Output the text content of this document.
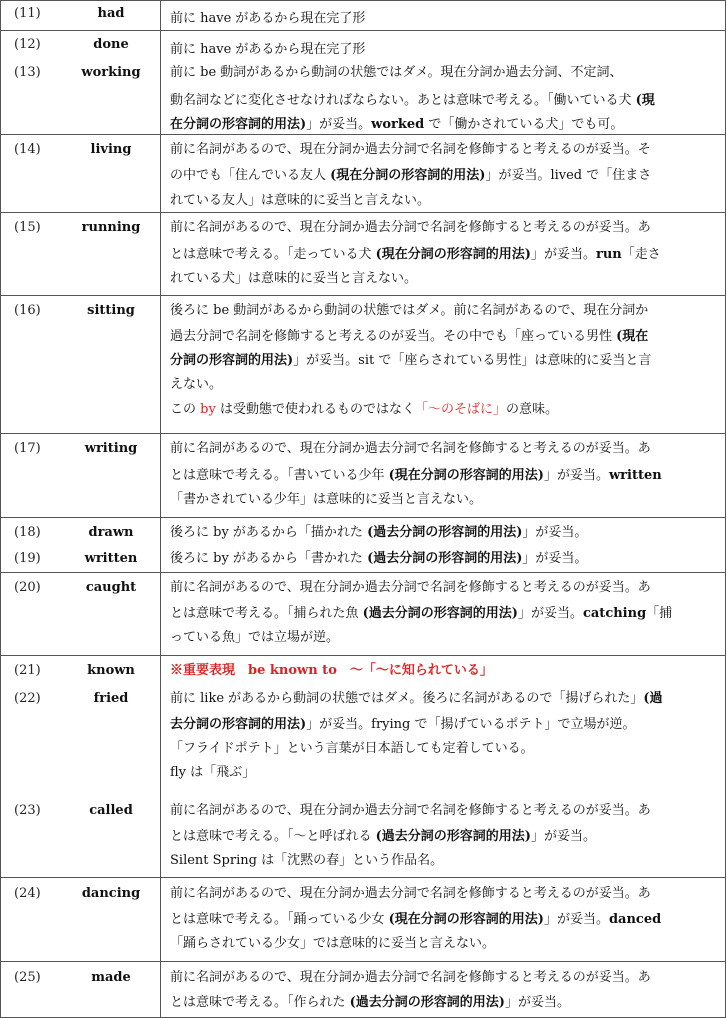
(11)	had	前に have があるから現在完了形
(12)	done	前に have があるから現在完了形
(13)	working	前に be 動詞があるから動詞の状態ではダメ。現在分詞か過去分詞、不定詞、
動名詞などに変化させなければならない。あとは意味で考える。「働いている犬 (現
在分詞の形容詞的用法)」が妥当。worked で「働かされている犬」でも可。
(14)	living	前に名詞があるので、現在分詞か過去分詞で名詞を修飾すると考えるのが妥当。そ
の中でも「住んでいる友人 (現在分詞の形容詞的用法)」が妥当。lived で「住まさ
れている友人」は意味的に妥当と言えない。
(15)	running	前に名詞があるので、現在分詞か過去分詞で名詞を修飾すると考えるのが妥当。あ
とは意味で考える。「走っている犬 (現在分詞の形容詞的用法)」が妥当。run「走さ
れている犬」は意味的に妥当と言えない。
(16)	sitting	後ろに be 動詞があるから動詞の状態ではダメ。前に名詞があるので、現在分詞か
過去分詞で名詞を修飾すると考えるのが妥当。その中でも「座っている男性 (現在
分詞の形容詞的用法)」が妥当。sit で「座らされている男性」は意味的に妥当と言
えない。
この by は受動態で使われるものではなく「～のそばに」の意味。
(17)	writing	前に名詞があるので、現在分詞か過去分詞で名詞を修飾すると考えるのが妥当。あ
とは意味で考える。「書いている少年 (現在分詞の形容詞的用法)」が妥当。written
「書かされている少年」は意味的に妥当と言えない。
(18)	drawn	後ろに by があるから「描かれた (過去分詞の形容詞的用法)」が妥当。
(19)	written	後ろに by があるから「書かれた (過去分詞の形容詞的用法)」が妥当。
(20)	caught	前に名詞があるので、現在分詞か過去分詞で名詞を修飾すると考えるのが妥当。あ
とは意味で考える。「捕られた魚 (過去分詞の形容詞的用法)」が妥当。catching「捕
っている魚」では立場が逆。
(21)	known	※重要表現　be known to　～「～に知られている」
(22)	fried	前に like があるから動詞の状態ではダメ。後ろに名詞があるので「揚げられた」(過
去分詞の形容詞的用法)」が妥当。frying で「揚げているポテト」で立場が逆。
「フライドポテト」という言葉が日本語しても定着している。
fly は「飛ぶ」
(23)	called	前に名詞があるので、現在分詞か過去分詞で名詞を修飾すると考えるのが妥当。あ
とは意味で考える。「～と呼ばれる (過去分詞の形容詞的用法)」が妥当。
Silent Spring は「沈黙の春」という作品名。
(24)	dancing	前に名詞があるので、現在分詞か過去分詞で名詞を修飾すると考えるのが妥当。あ
とは意味で考える。「踊っている少女 (現在分詞の形容詞的用法)」が妥当。danced
「踊らされている少女」では意味的に妥当と言えない。
(25)	made	前に名詞があるので、現在分詞か過去分詞で名詞を修飾すると考えるのが妥当。あ
とは意味で考える。「作られた (過去分詞の形容詞的用法)」が妥当。
